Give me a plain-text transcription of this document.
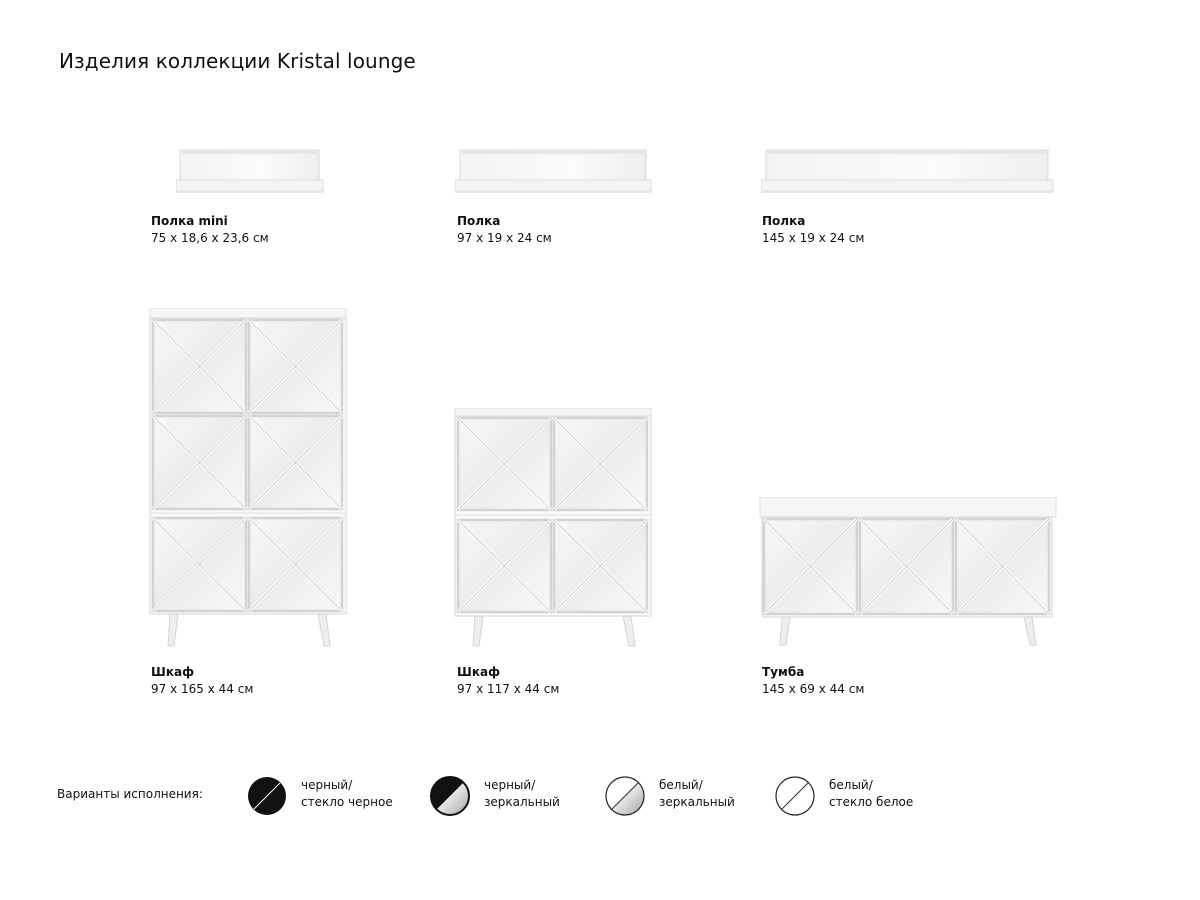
Изделия коллекции Kristal lounge
Полка mini
75 x 18,6 x 23,6 см
Полка
97 x 19 x 24 см
Полка
145 x 19 x 24 см
Шкаф
97 x 165 x 44 см
Шкаф
97 x 117 x 44 см
Тумба
145 x 69 x 44 см
Варианты исполнения:
черный/
стекло черное
черный/
зеркальный
белый/
зеркальный
белый/
стекло белое
